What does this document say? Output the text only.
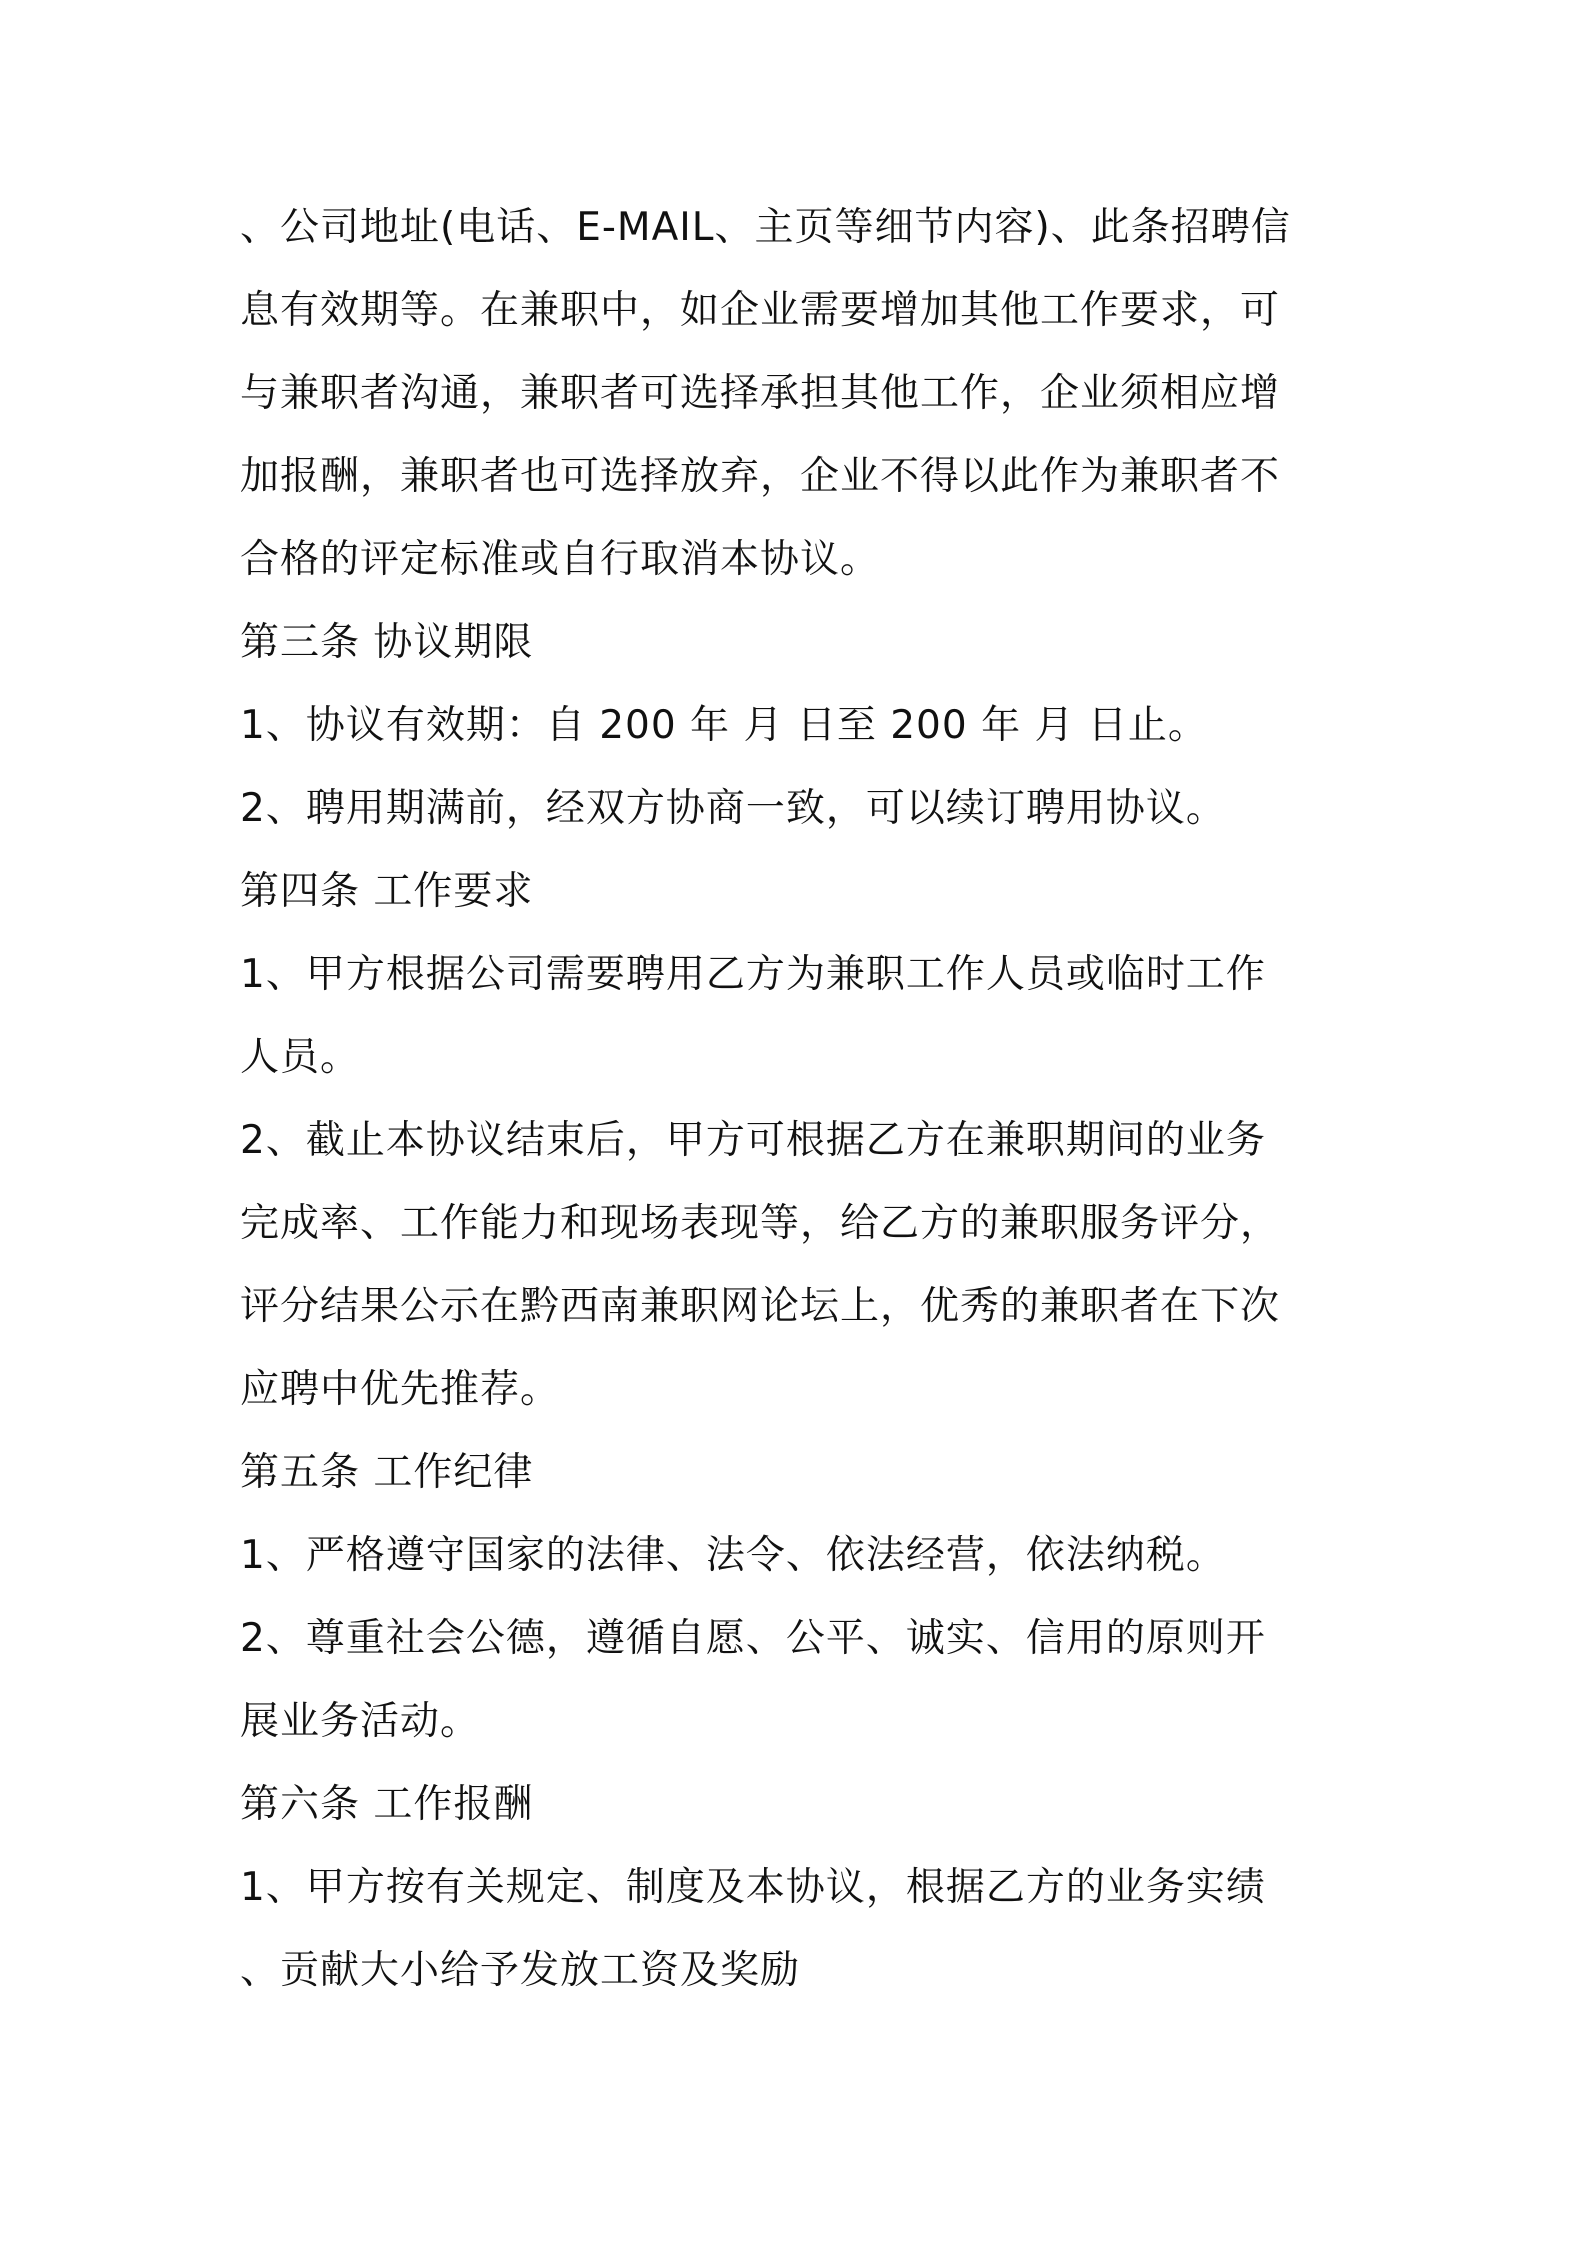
、公司地址(电话、E-MAIL、主页等细节内容)、此条招聘信
息有效期等。在兼职中，如企业需要增加其他工作要求，可
与兼职者沟通，兼职者可选择承担其他工作，企业须相应增
加报酬，兼职者也可选择放弃，企业不得以此作为兼职者不
合格的评定标准或自行取消本协议。
第三条 协议期限
1、协议有效期：自 200 年 月 日至 200 年 月 日止。
2、聘用期满前，经双方协商一致，可以续订聘用协议。
第四条 工作要求
1、甲方根据公司需要聘用乙方为兼职工作人员或临时工作
人员。
2、截止本协议结束后，甲方可根据乙方在兼职期间的业务
完成率、工作能力和现场表现等，给乙方的兼职服务评分，
评分结果公示在黔西南兼职网论坛上，优秀的兼职者在下次
应聘中优先推荐。
第五条 工作纪律
1、严格遵守国家的法律、法令、依法经营，依法纳税。
2、尊重社会公德，遵循自愿、公平、诚实、信用的原则开
展业务活动。
第六条 工作报酬
1、甲方按有关规定、制度及本协议，根据乙方的业务实绩
、贡献大小给予发放工资及奖励
